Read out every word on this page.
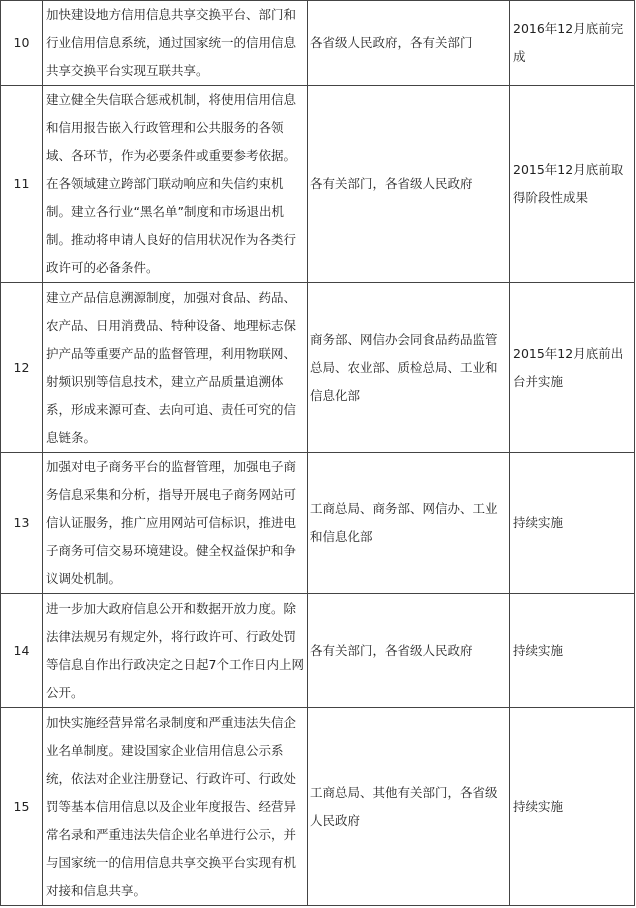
10	加快建设地方信用信息共享交换平台、部门和行业信用信息系统，通过国家统一的信用信息共享交换平台实现互联共享。	各省级人民政府，各有关部门	2016年12月底前完成

11	建立健全失信联合惩戒机制，将使用信用信息和信用报告嵌入行政管理和公共服务的各领域、各环节，作为必要条件或重要参考依据。在各领域建立跨部门联动响应和失信约束机制。建立各行业“黑名单”制度和市场退出机制。推动将申请人良好的信用状况作为各类行政许可的必备条件。	各有关部门，各省级人民政府	2015年12月底前取得阶段性成果

12	建立产品信息溯源制度，加强对食品、药品、农产品、日用消费品、特种设备、地理标志保护产品等重要产品的监督管理，利用物联网、射频识别等信息技术，建立产品质量追溯体系，形成来源可查、去向可追、责任可究的信息链条。	商务部、网信办会同食品药品监管总局、农业部、质检总局、工业和信息化部	2015年12月底前出台并实施

13	加强对电子商务平台的监督管理，加强电子商务信息采集和分析，指导开展电子商务网站可信认证服务，推广应用网站可信标识，推进电子商务可信交易环境建设。健全权益保护和争议调处机制。	工商总局、商务部、网信办、工业和信息化部	持续实施

14	进一步加大政府信息公开和数据开放力度。除法律法规另有规定外，将行政许可、行政处罚等信息自作出行政决定之日起7个工作日内上网公开。	各有关部门，各省级人民政府	持续实施

15	加快实施经营异常名录制度和严重违法失信企业名单制度。建设国家企业信用信息公示系统，依法对企业注册登记、行政许可、行政处罚等基本信用信息以及企业年度报告、经营异常名录和严重违法失信企业名单进行公示，并与国家统一的信用信息共享交换平台实现有机对接和信息共享。	工商总局、其他有关部门，各省级人民政府	持续实施
